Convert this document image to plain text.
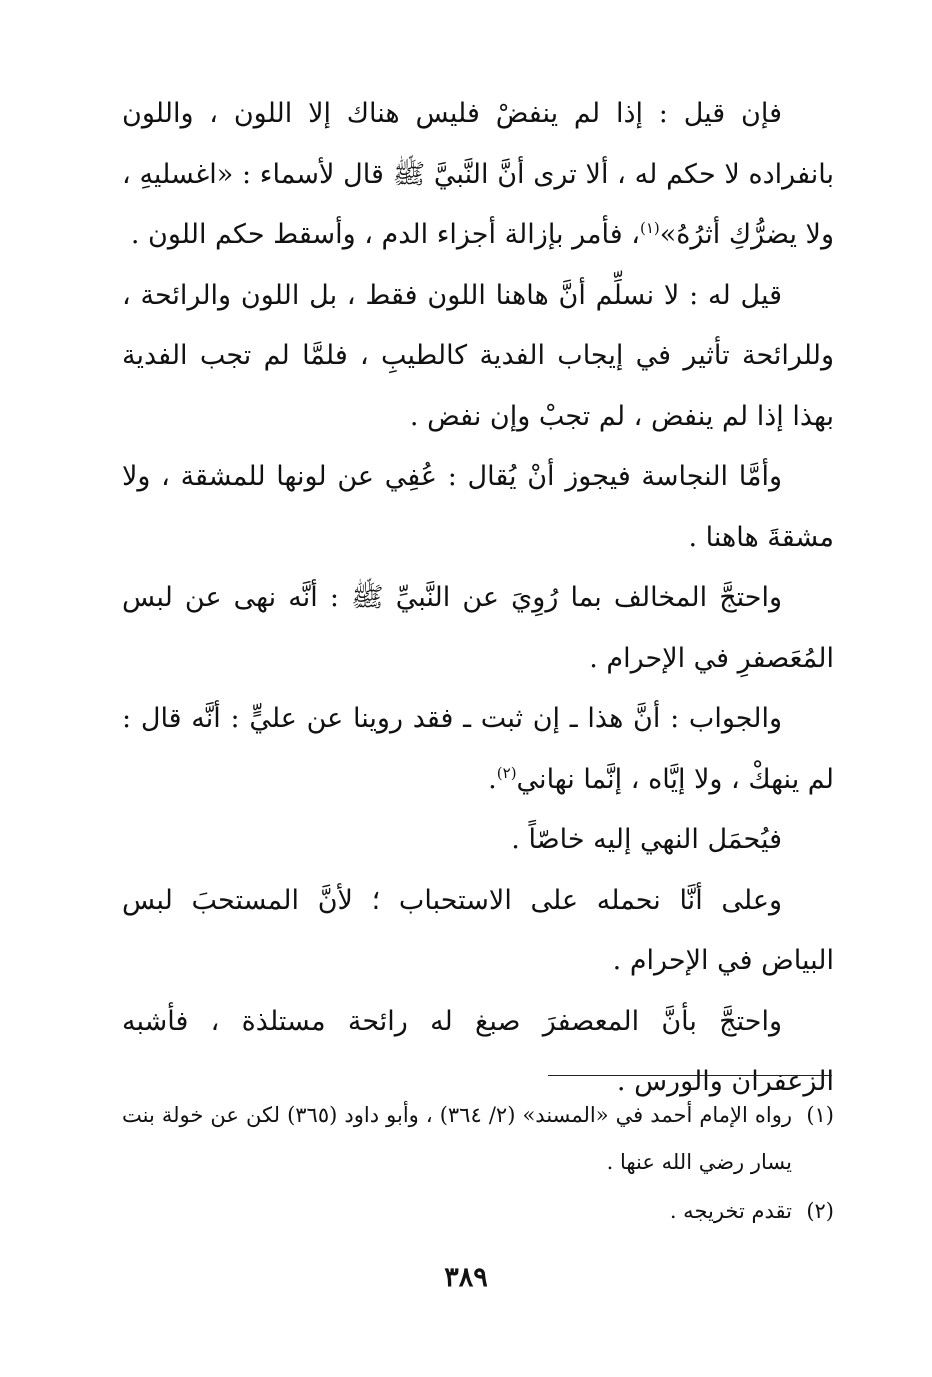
فإن قيل : إذا لم ينفضْ فليس هناك إلا اللون ، واللون بانفراده لا حكم له ، ألا ترى أنَّ النَّبيَّ ﷺ قال لأسماء : «اغسليهِ ، ولا يضرُّكِ أثرُهُ»$^{(١)}$، فأمر بإزالة أجزاء الدم ، وأسقط حكم اللون .

قيل له : لا نسلِّم أنَّ هاهنا اللون فقط ، بل اللون والرائحة ، وللرائحة تأثير في إيجاب الفدية كالطيبِ ، فلمَّا لم تجب الفدية بهذا إذا لم ينفض ، لم تجبْ وإن نفض .

وأمَّا النجاسة فيجوز أنْ يُقال : عُفِي عن لونها للمشقة ، ولا مشقةَ هاهنا .

واحتجَّ المخالف بما رُوِيَ عن النَّبيِّ ﷺ : أنَّه نهى عن لبس المُعَصفرِ في الإحرام .

والجواب : أنَّ هذا ـ إن ثبت ـ فقد روينا عن عليٍّ : أنَّه قال : لم ينهكْ ، ولا إيَّاه ، إنَّما نهاني$^{(٢)}$.

فيُحمَل النهي إليه خاصّاً .

وعلى أنَّا نحمله على الاستحباب ؛ لأنَّ المستحبَ لبس البياض في الإحرام .

واحتجَّ بأنَّ المعصفرَ صبغ له رائحة مستلذة ، فأشبه الزعفران والورس .

(١)
رواه الإمام أحمد في «المسند» (٢/ ٣٦٤) ، وأبو داود (٣٦٥) لكن عن خولة بنت يسار رضي الله عنها .
(٢)
تقدم تخريجه .
٣٨٩
